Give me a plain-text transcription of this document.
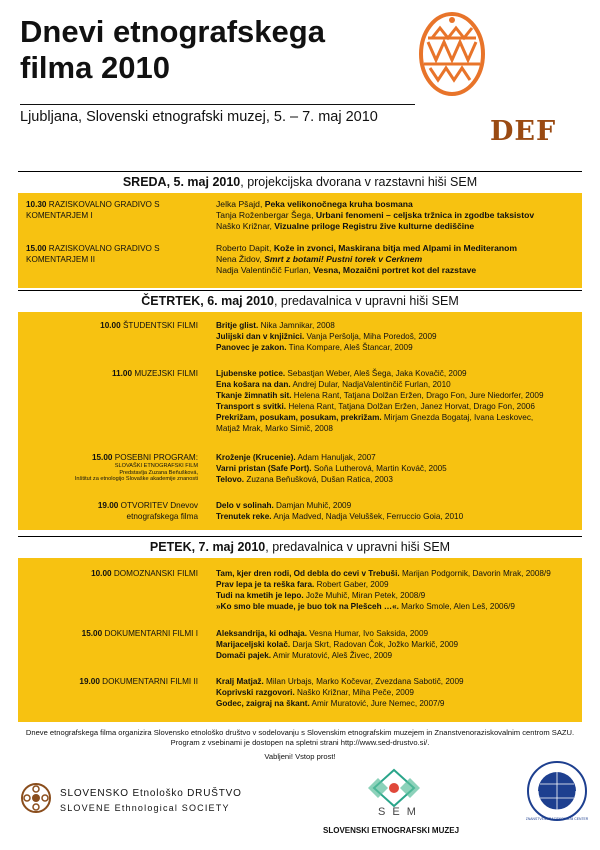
Dnevi etnografskega
filma 2010
Ljubljana, Slovenski etnografski muzej, 5. – 7. maj 2010	DEF
SREDA, 5. maj 2010, projekcijska dvorana v razstavni hiši SEM
10.30 RAZISKOVALNO GRADIVO S KOMENTARJEM I
Jelka Pšajd, Peka velikonočnega kruha bosmana
Tanja Roženbergar Šega, Urbani fenomeni – celjska tržnica in zgodbe taksistov
Naško Križnar, Vizualne priloge Registru žive kulturne dediščine
15.00 RAZISKOVALNO GRADIVO S KOMENTARJEM II
Roberto Dapit, Kože in zvonci, Maskirana bitja med Alpami in Mediteranom
Nena Židov, Smrt z botami! Pustni torek v Cerknem
Nadja Valentinčič Furlan, Vesna, Mozaični portret kot del razstave
ČETRTEK, 6. maj 2010, predavalnica v upravni hiši SEM
10.00 ŠTUDENTSKI FILMI Britje glist. Nika Jamnikar, 2008
Julijski dan v knjižnici. Vanja Peršolja, Miha Poredoš, 2009
Panovec je zakon. Tina Kompare, Aleš Štancar, 2009
11.00 MUZEJSKI FILMI Ljubenske potice. Sebastjan Weber, Aleš Šega, Jaka Kovačič, 2009
Ena košara na dan. Andrej Dular, NadjaValentinčič Furlan, 2010
Tkanje žimnatih sit. Helena Rant, Tatjana Dolžan Eržen, Drago Fon, Jure Niedorfer, 2009
Transport s svitki. Helena Rant, Tatjana Dolžan Eržen, Janez Horvat, Drago Fon, 2006
Prekrižam, posukam, posukam, prekrižam. Mirjam Gnezda Bogataj, Ivana Leskovec,
Matjaž Mrak, Marko Simič, 2008
15.00 POSEBNI PROGRAM:
SLOVAŠKI ETNOGRAFSKI FILM
Predstavlja Zuzana Beňušková,
Inštitut za etnologijo Slovaške akademije znanosti
Kroženje (Krucenie). Adam Hanuljak, 2007
Varni pristan (Safe Port). Soňa Lutherová, Martin Kováč, 2005
Telovo. Zuzana Beňušková, Dušan Ratica, 2003
19.00 OTVORITEV Dnevov
etnografskega filma
Delo v solinah. Damjan Muhič, 2009
Trenutek reke. Anja Madved, Nadja Veluššek, Ferruccio Goia, 2010
PETEK, 7. maj 2010, predavalnica v upravni hiši SEM
10.00 DOMOZNANSKI FILMI Tam, kjer dren rodi, Od debla do cevi v Trebuši. Marijan Podgornik, Davorin Mrak, 2008/9
Prav lepa je ta reška fara. Robert Gaber, 2009
Tudi na kmetih je lepo. Jože Muhič, Miran Petek, 2008/9
»Ko smo ble muade, je buo tok na Plešceh …«. Marko Smole, Alen Leš, 2006/9
15.00 DOKUMENTARNI FILMI I Aleksandrija, ki odhaja. Vesna Humar, Ivo Saksida, 2009
Marijaceljski kolač. Darja Skrt, Radovan Čok, Jožko Markič, 2009
Domači pajek. Amir Muratović, Aleš Živec, 2009
19.00 DOKUMENTARNI FILMI II Kralj Matjaž. Milan Urbajs, Marko Kočevar, Zvezdana Sabotič, 2009
Koprivski razgovori. Naško Križnar, Miha Peče, 2009
Godec, zaigraj na škant. Amir Muratović, Jure Nemec, 2007/9
Dneve etnografskega filma organizira Slovensko etnološko društvo v sodelovanju s Slovenskim etnografskim muzejem in Znanstvenoraziskovalnim centrom SAZU.
Program z vsebinami je dostopen na spletni strani http://www.sed-drustvo.si/.
Vabljeni! Vstop prost!
SLOVENSKO Etnološko DRUŠTVO
SLOVENE Ethnological SOCIETY	S E M
SLOVENSKI ETNOGRAFSKI MUZEJ
ZNANSTVENORAZISKOVALNI CENTER
